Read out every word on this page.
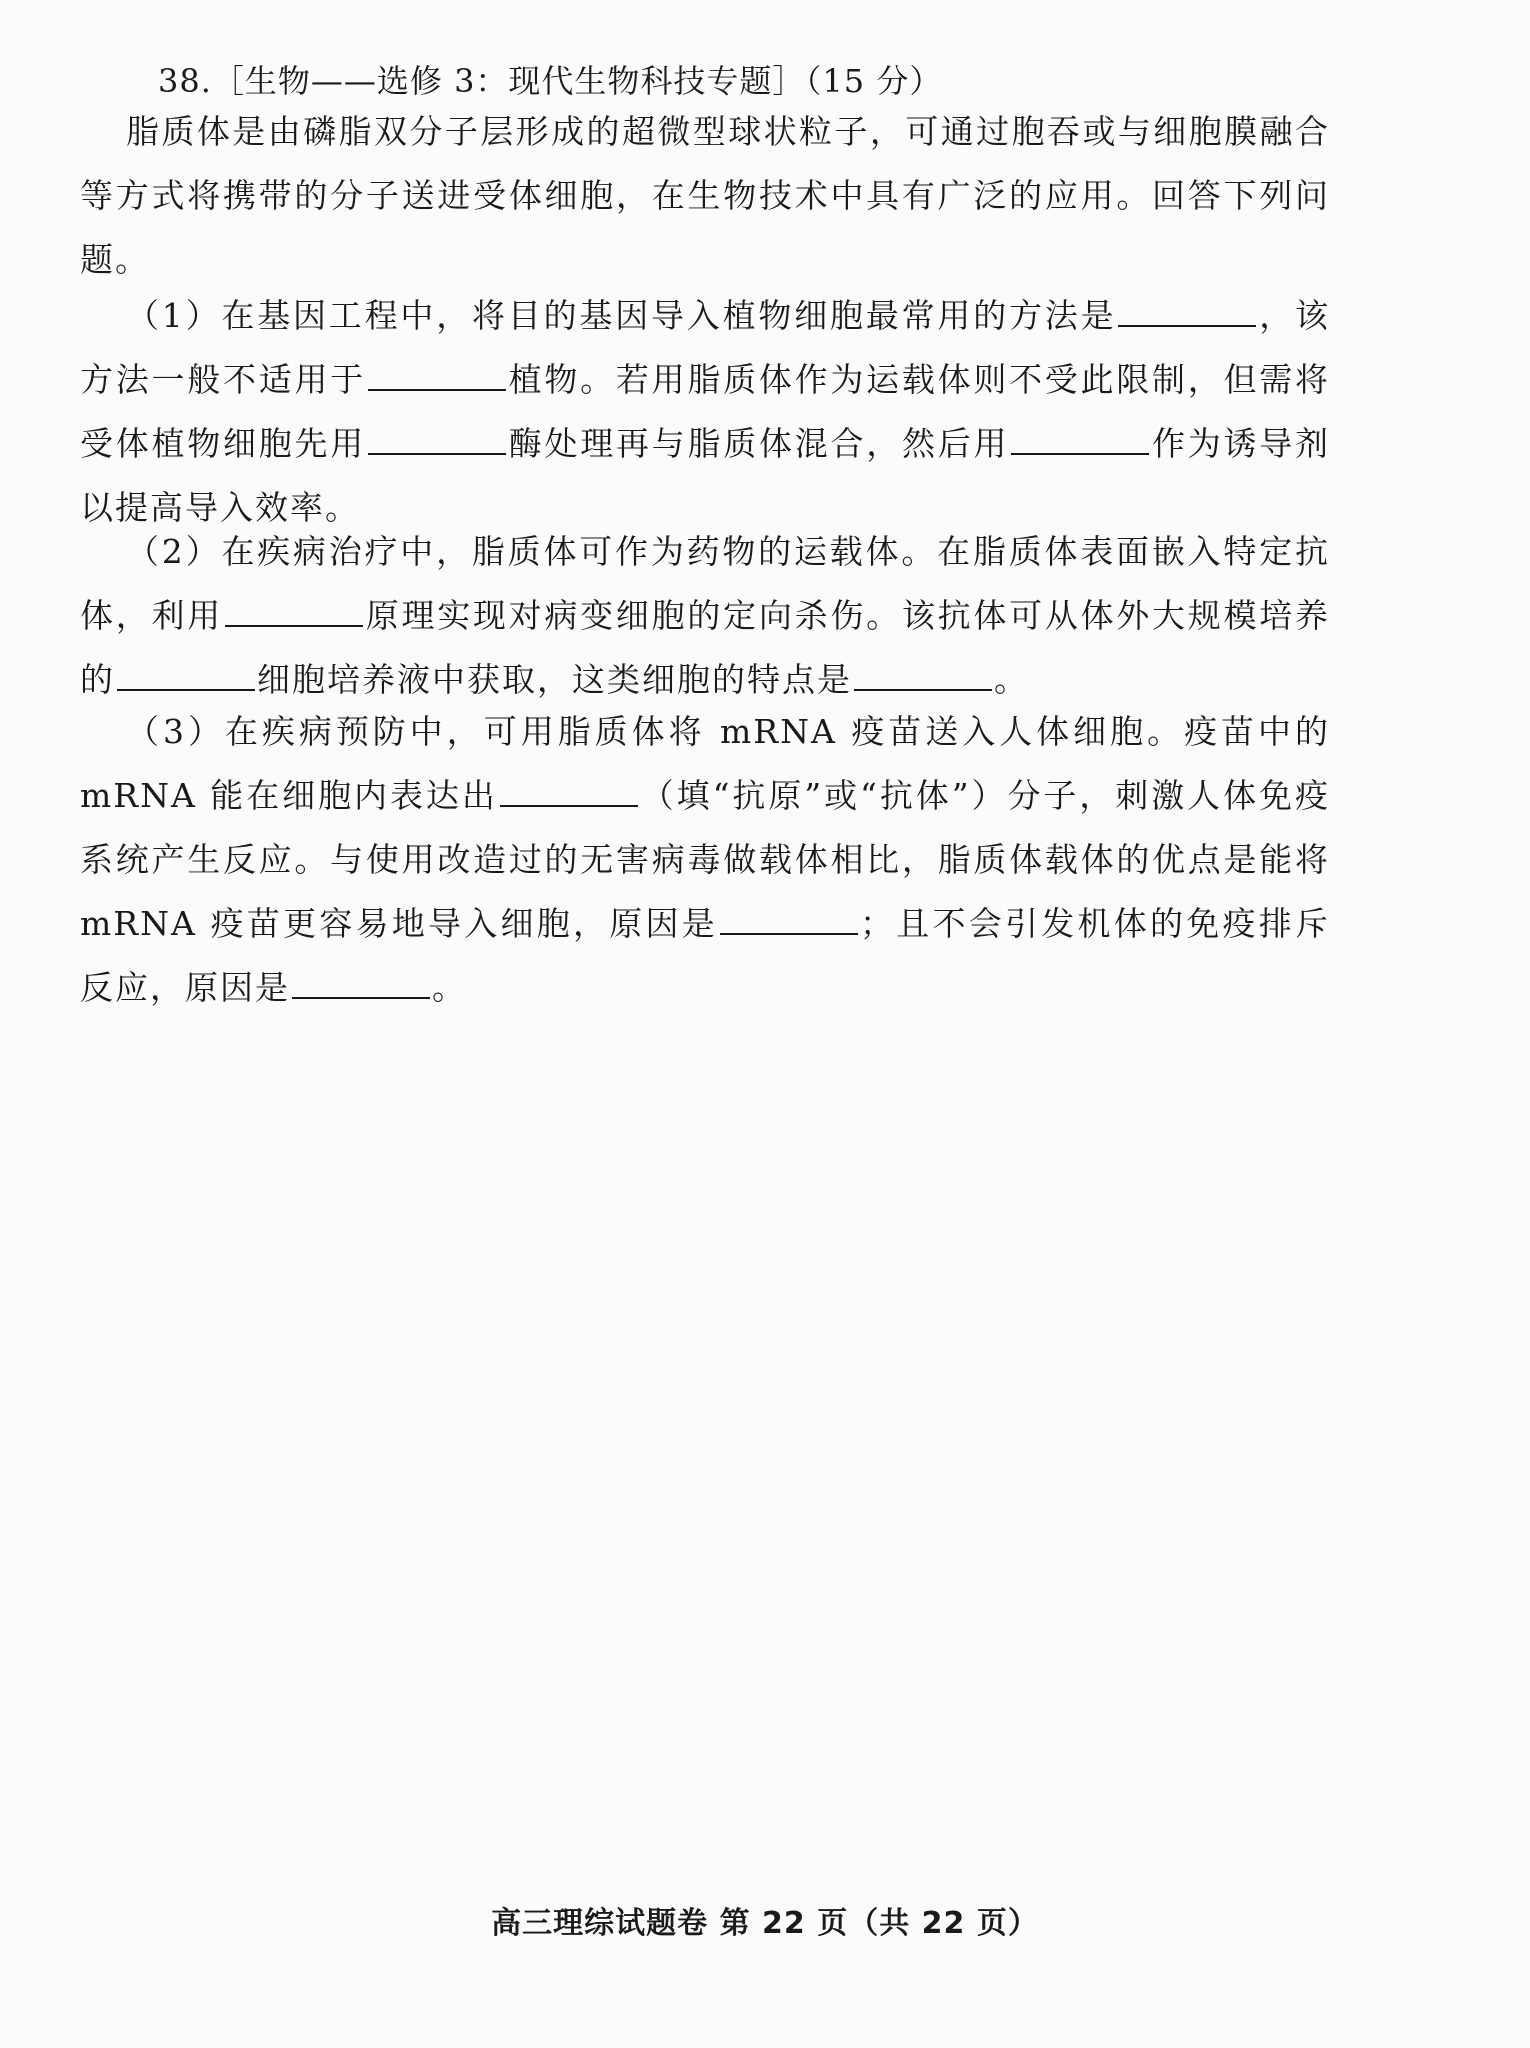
38.［生物——选修 3：现代生物科技专题］（15 分）

脂质体是由磷脂双分子层形成的超微型球状粒子，可通过胞吞或与细胞膜融合等方式将携带的分子送进受体细胞，在生物技术中具有广泛的应用。回答下列问题。

（1）在基因工程中，将目的基因导入植物细胞最常用的方法是	，该方法一般不适用于	植物。若用脂质体作为运载体则不受此限制，但需将受体植物细胞先用	酶处理再与脂质体混合，然后用	作为诱导剂以提高导入效率。

（2）在疾病治疗中，脂质体可作为药物的运载体。在脂质体表面嵌入特定抗体，利用	原理实现对病变细胞的定向杀伤。该抗体可从体外大规模培养的	细胞培养液中获取，这类细胞的特点是	。

（3）在疾病预防中，可用脂质体将 mRNA 疫苗送入人体细胞。疫苗中的 mRNA 能在细胞内表达出	（填“抗原”或“抗体”）分子，刺激人体免疫系统产生反应。与使用改造过的无害病毒做载体相比，脂质体载体的优点是能将 mRNA 疫苗更容易地导入细胞，原因是	；且不会引发机体的免疫排斥反应，原因是	。

高三理综试题卷 第 22 页（共 22 页）
